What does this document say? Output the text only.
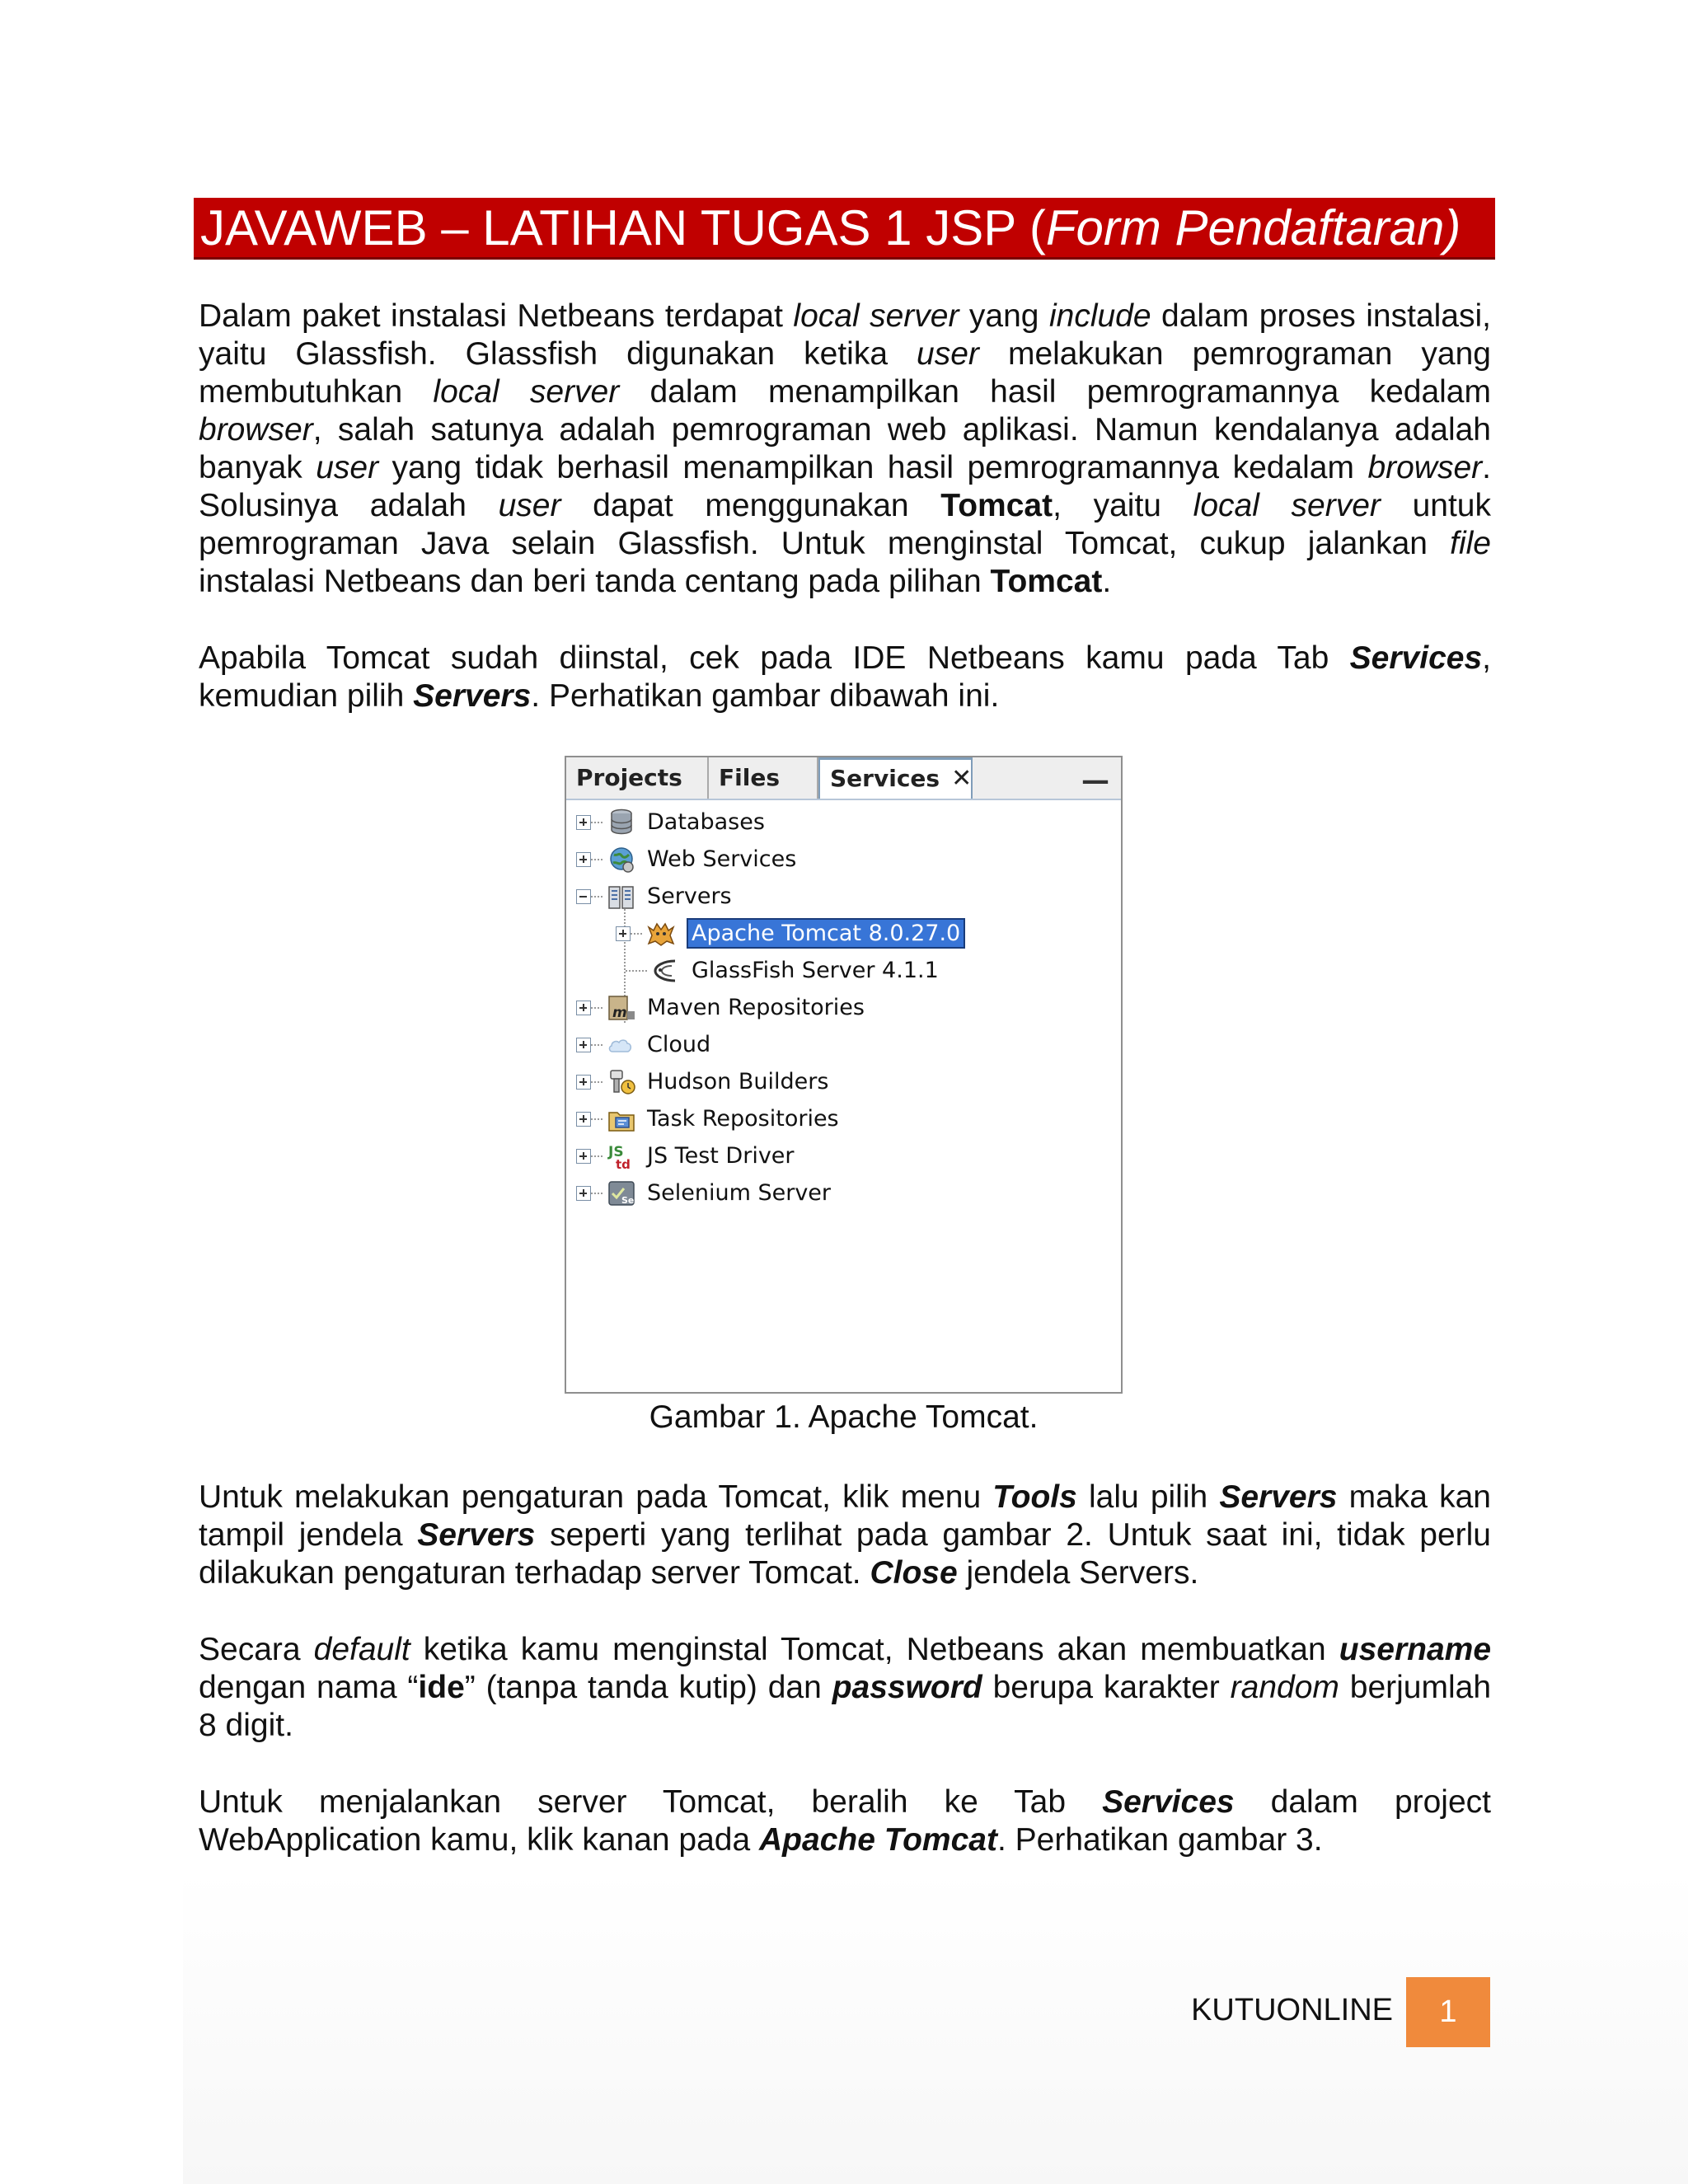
JAVAWEB – LATIHAN TUGAS 1 JSP ( Form Pendaftaran)
Dalam paket instalasi Netbeans terdapat local server yang include dalam proses instalasi,
yaitu Glassfish. Glassfish digunakan ketika user melakukan pemrograman yang
membutuhkan local server dalam menampilkan hasil pemrogramannya kedalam
browser, salah satunya adalah pemrograman web aplikasi. Namun kendalanya adalah
banyak user yang tidak berhasil menampilkan hasil pemrogramannya kedalam browser.
Solusinya adalah user dapat menggunakan Tomcat, yaitu local server untuk
pemrograman Java selain Glassfish. Untuk menginstal Tomcat, cukup jalankan file
instalasi Netbeans dan beri tanda centang pada pilihan Tomcat.
Apabila Tomcat sudah diinstal, cek pada IDE Netbeans kamu pada Tab Services,
kemudian pilih Servers. Perhatikan gambar dibawah ini.
Projects	Files	Services ✕	—
Databases
Web Services
Servers
Apache Tomcat 8.0.27.0
GlassFish Server 4.1.1
m Maven Repositories
Cloud
Hudson Builders
Task Repositories
JS
td JS Test Driver
Se Selenium Server
Gambar 1. Apache Tomcat.
Untuk melakukan pengaturan pada Tomcat, klik menu Tools lalu pilih Servers maka kan
tampil jendela Servers seperti yang terlihat pada gambar 2. Untuk saat ini, tidak perlu
dilakukan pengaturan terhadap server Tomcat. Close jendela Servers.
Secara default ketika kamu menginstal Tomcat, Netbeans akan membuatkan username
dengan nama “ide” (tanpa tanda kutip) dan password berupa karakter random berjumlah
8 digit.
Untuk menjalankan server Tomcat, beralih ke Tab Services dalam project
WebApplication kamu, klik kanan pada Apache Tomcat. Perhatikan gambar 3.
KUTUONLINE	1
